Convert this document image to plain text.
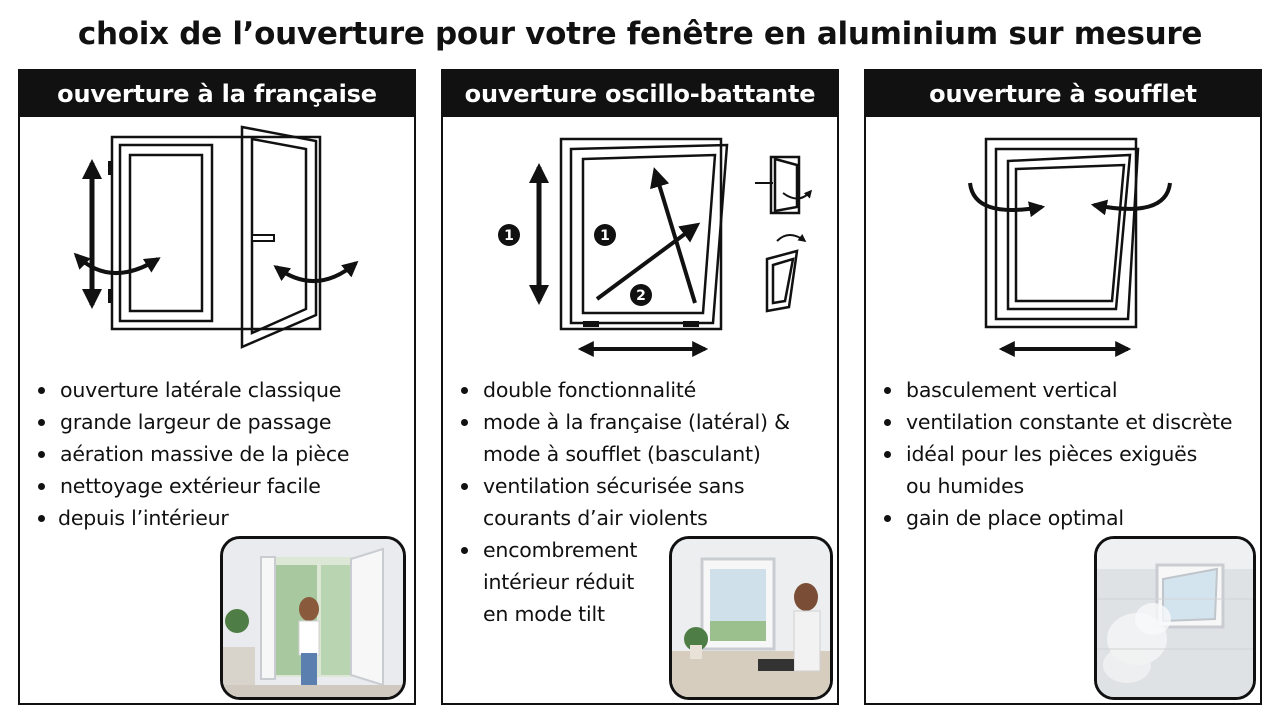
choix de l’ouverture pour votre fenêtre en aluminium sur mesure
ouverture à la française
ouverture latérale classique
grande largeur de passage
aération massive de la pièce
nettoyage extérieur facile
depuis l’intérieur
ouverture oscillo-battante
1	1
2
double fonctionnalité
mode à la française (latéral) &
mode à soufflet (basculant)
ventilation sécurisée sans
courants d’air violents
encombrement
intérieur réduit
en mode tilt
ouverture à soufflet
basculement vertical
ventilation constante et discrète
idéal pour les pièces exiguës
ou humides
gain de place optimal
